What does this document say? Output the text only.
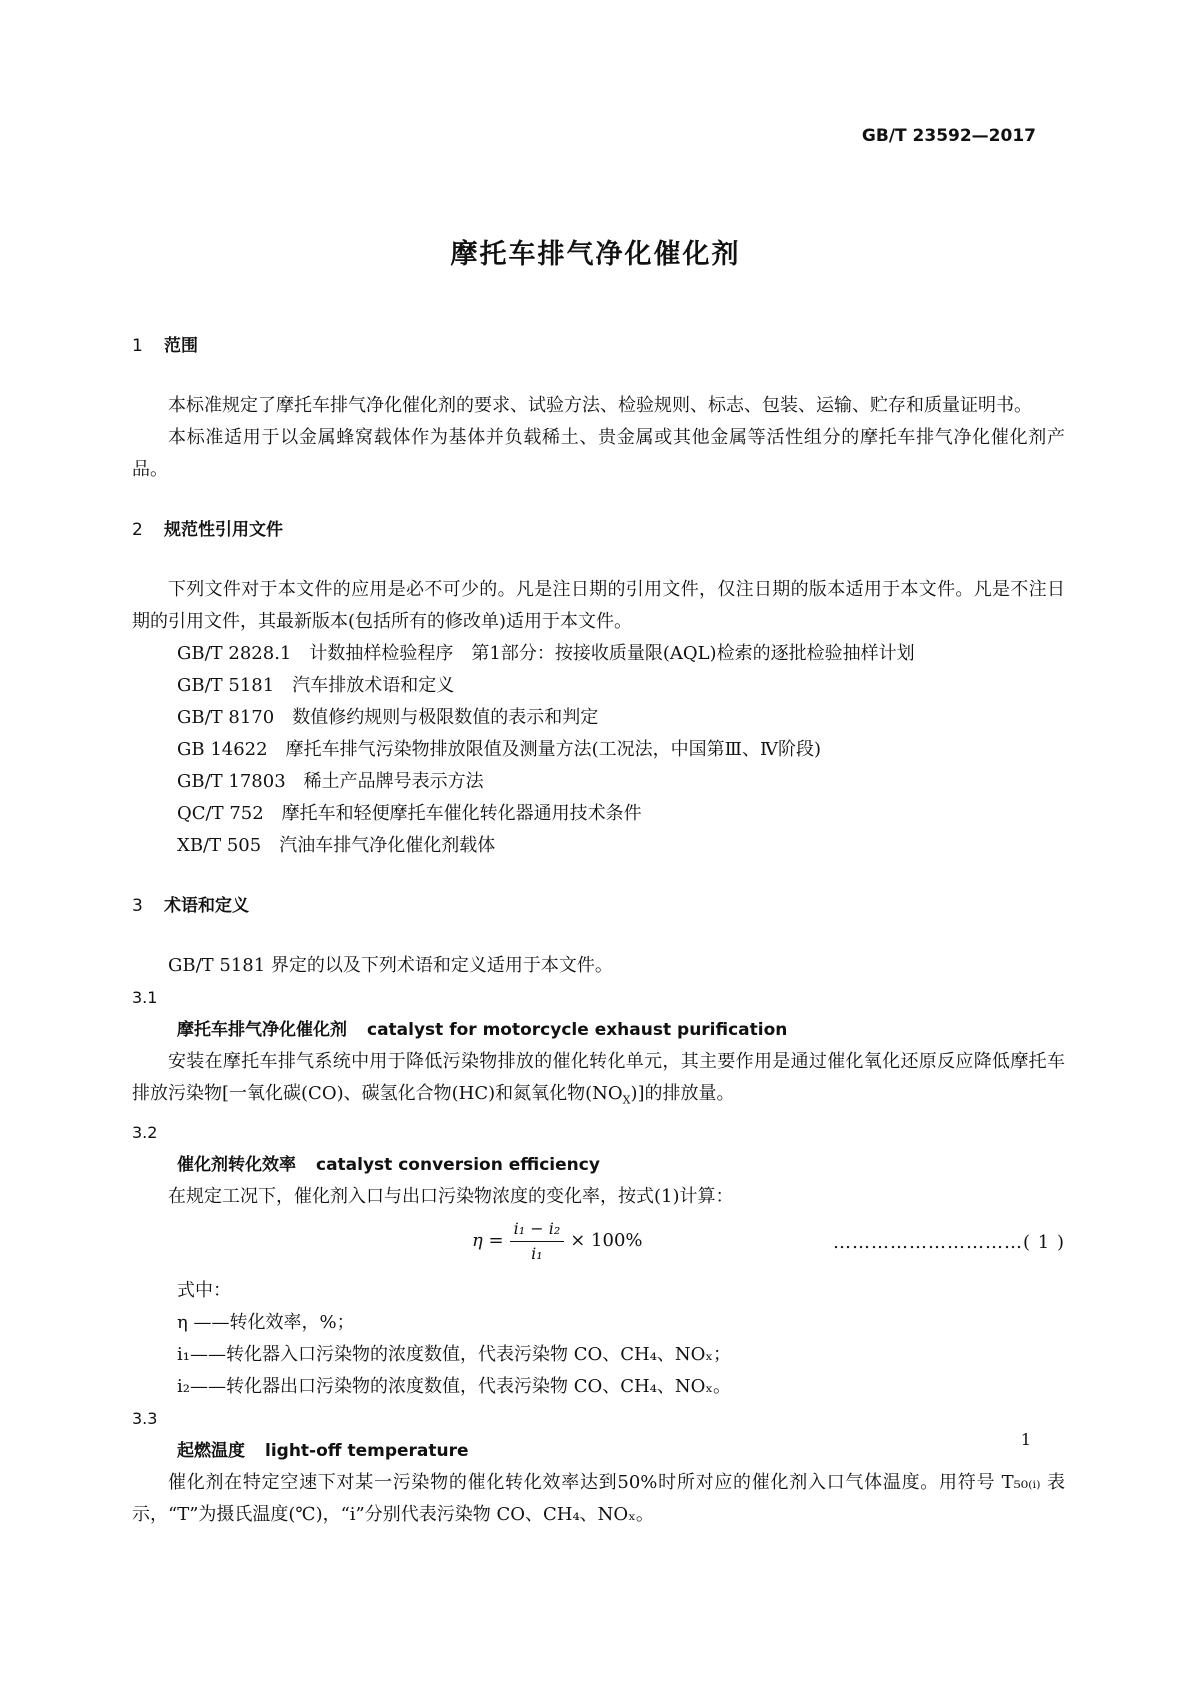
GB/T 23592—2017
摩托车排气净化催化剂
1 范围
本标准规定了摩托车排气净化催化剂的要求、试验方法、检验规则、标志、包装、运输、贮存和质量证明书。
本标准适用于以金属蜂窝载体作为基体并负载稀土、贵金属或其他金属等活性组分的摩托车排气净化催化剂产品。
2 规范性引用文件
下列文件对于本文件的应用是必不可少的。凡是注日期的引用文件，仅注日期的版本适用于本文件。凡是不注日期的引用文件，其最新版本(包括所有的修改单)适用于本文件。
GB/T 2828.1　计数抽样检验程序　第1部分：按接收质量限(AQL)检索的逐批检验抽样计划
GB/T 5181　汽车排放术语和定义
GB/T 8170　数值修约规则与极限数值的表示和判定
GB 14622　摩托车排气污染物排放限值及测量方法(工况法，中国第Ⅲ、Ⅳ阶段)
GB/T 17803　稀土产品牌号表示方法
QC/T 752　摩托车和轻便摩托车催化转化器通用技术条件
XB/T 505　汽油车排气净化催化剂载体
3 术语和定义
GB/T 5181 界定的以及下列术语和定义适用于本文件。
3.1
摩托车排气净化催化剂 catalyst for motorcycle exhaust purification
安装在摩托车排气系统中用于降低污染物排放的催化转化单元，其主要作用是通过催化氧化还原反应降低摩托车排放污染物[一氧化碳(CO)、碳氢化合物(HC)和氮氧化物$(NO_X)$]的排放量。
3.2
催化剂转化效率 catalyst conversion efficiency
在规定工况下，催化剂入口与出口污染物浓度的变化率，按式(1)计算：
$\eta = \frac{\text{i₁ − i₂}}{\text{i₁}} \times 100\%$	…………………………( 1 )
式中：
η ——转化效率，%；
i₁——转化器入口污染物的浓度数值，代表污染物 CO、CH₄、NOₓ；
i₂——转化器出口污染物的浓度数值，代表污染物 CO、CH₄、NOₓ。
3.3
起燃温度 light-off temperature
催化剂在特定空速下对某一污染物的催化转化效率达到50%时所对应的催化剂入口气体温度。用符号 T₅₀₍ᵢ₎ 表示，“T”为摄氏温度(℃)，“i”分别代表污染物 CO、CH₄、NOₓ。
1
